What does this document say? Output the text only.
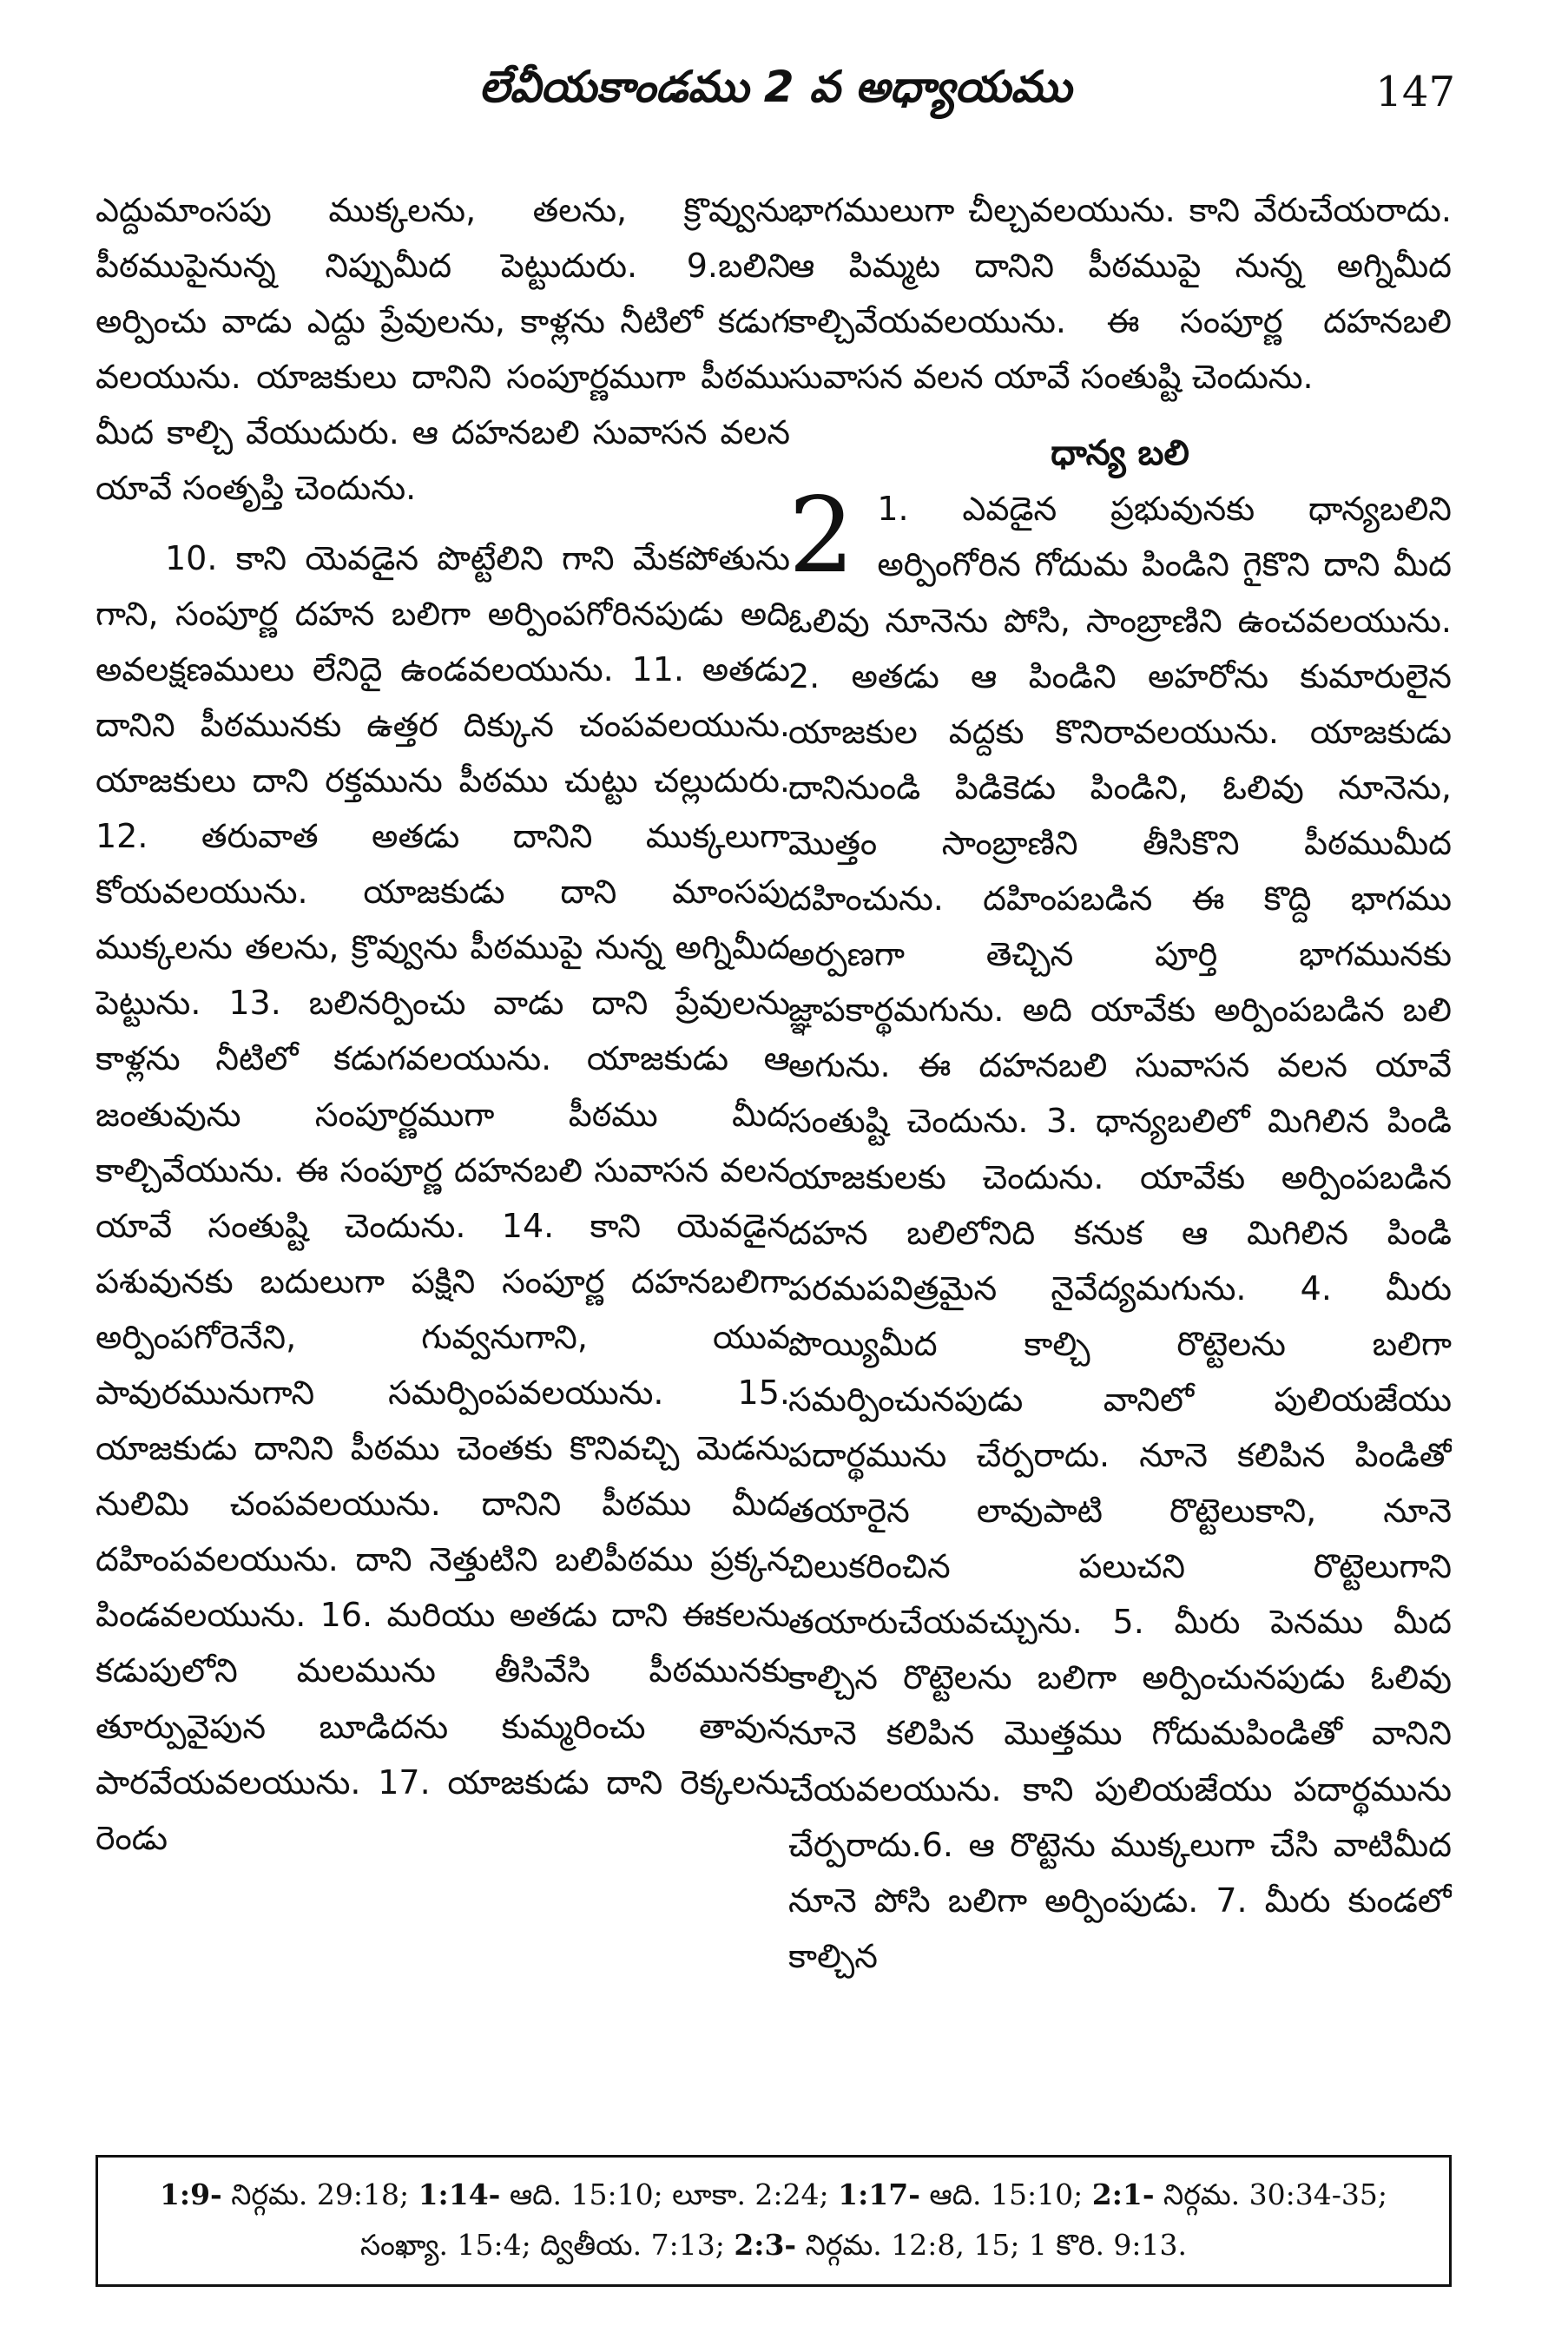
లేవీయకాండము 2 వ అధ్యాయము	147

ఎద్దుమాంసపు ముక్కలను, తలను, క్రొవ్వును పీఠముపైనున్న నిప్పుమీద పెట్టుదురు. 9.బలిని అర్పించు వాడు ఎద్దు ప్రేవులను, కాళ్లను నీటిలో కడుగ వలయును. యాజకులు దానిని సంపూర్ణముగా పీఠము మీద కాల్చి వేయుదురు. ఆ దహనబలి సువాసన వలన యావే సంతృప్తి చెందును.

10. కాని యెవడైన పొట్టేలిని గాని మేకపోతును గాని, సంపూర్ణ దహన బలిగా అర్పింపగోరినపుడు అది అవలక్షణములు లేనిదై ఉండవలయును. 11. అతడు దానిని పీఠమునకు ఉత్తర దిక్కున చంపవలయును. యాజకులు దాని రక్తమును పీఠము చుట్టు చల్లుదురు. 12. తరువాత అతడు దానిని ముక్కలుగా కోయవలయును. యాజకుడు దాని మాంసపు ముక్కలను తలను, క్రొవ్వును పీఠముపై నున్న అగ్నిమీద పెట్టును. 13. బలినర్పించు వాడు దాని ప్రేవులను కాళ్లను నీటిలో కడుగవలయును. యాజకుడు ఆ జంతువును సంపూర్ణముగా పీఠము మీద కాల్చివేయును. ఈ సంపూర్ణ దహనబలి సువాసన వలన యావే సంతుష్టి చెందును. 14. కాని యెవడైన పశువునకు బదులుగా పక్షిని సంపూర్ణ దహనబలిగా అర్పింపగోరెనేని, గువ్వనుగాని, యువ పావురమునుగాని సమర్పింపవలయును. 15. యాజకుడు దానిని పీఠము చెంతకు కొనివచ్చి మెడను నులిమి చంపవలయును. దానిని పీఠము మీద దహింపవలయును. దాని నెత్తుటిని బలిపీఠము ప్రక్కన పిండవలయును. 16. మరియు అతడు దాని ఈకలను కడుపులోని మలమును తీసివేసి పీఠమునకు తూర్పువైపున బూడిదను కుమ్మరించు తావున పారవేయవలయును. 17. యాజకుడు దాని రెక్కలను రెండు

భాగములుగా చీల్చవలయును. కాని వేరుచేయరాదు. ఆ పిమ్మట దానిని పీఠముపై నున్న అగ్నిమీద కాల్చివేయవలయును. ఈ సంపూర్ణ దహనబలి సువాసన వలన యావే సంతుష్టి చెందును.

ధాన్య బలి

2 1. ఎవడైన ప్రభువునకు ధాన్యబలిని అర్పింగోరిన గోదుమ పిండిని గైకొని దాని మీద ఓలివు నూనెను పోసి, సాంబ్రాణిని ఉంచవలయును. 2. అతడు ఆ పిండిని అహరోను కుమారులైన యాజకుల వద్దకు కొనిరావలయును. యాజకుడు దానినుండి పిడికెడు పిండిని, ఓలివు నూనెను, మొత్తం సాంబ్రాణిని తీసికొని పీఠముమీద దహించును. దహింపబడిన ఈ కొద్ది భాగము అర్పణగా తెచ్చిన పూర్తి భాగమునకు జ్ఞాపకార్థమగును. అది యావేకు అర్పింపబడిన బలి అగును. ఈ దహనబలి సువాసన వలన యావే సంతుష్టి చెందును. 3. ధాన్యబలిలో మిగిలిన పిండి యాజకులకు చెందును. యావేకు అర్పింపబడిన దహన బలిలోనిది కనుక ఆ మిగిలిన పిండి పరమపవిత్రమైన నైవేద్యమగును. 4. మీరు పొయ్యిమీద కాల్చి రొట్టెలను బలిగా సమర్పించునపుడు వానిలో పులియజేయు పదార్థమును చేర్పరాదు. నూనె కలిపిన పిండితో తయారైన లావుపాటి రొట్టెలుకాని, నూనె చిలుకరించిన పలుచని రొట్టెలుగాని తయారుచేయవచ్చును. 5. మీరు పెనము మీద కాల్చిన రొట్టెలను బలిగా అర్పించునపుడు ఓలివు నూనె కలిపిన మొత్తము గోదుమపిండితో వానిని చేయవలయును. కాని పులియజేయు పదార్థమును చేర్పరాదు.6. ఆ రొట్టెను ముక్కలుగా చేసి వాటిమీద నూనె పోసి బలిగా అర్పింపుడు. 7. మీరు కుండలో కాల్చిన

1:9- నిర్గమ. 29:18; 1:14- ఆది. 15:10; లూకా. 2:24; 1:17- ఆది. 15:10; 2:1- నిర్గమ. 30:34-35; సంఖ్యా. 15:4; ద్వితీయ. 7:13; 2:3- నిర్గమ. 12:8, 15; 1 కొరి. 9:13.
